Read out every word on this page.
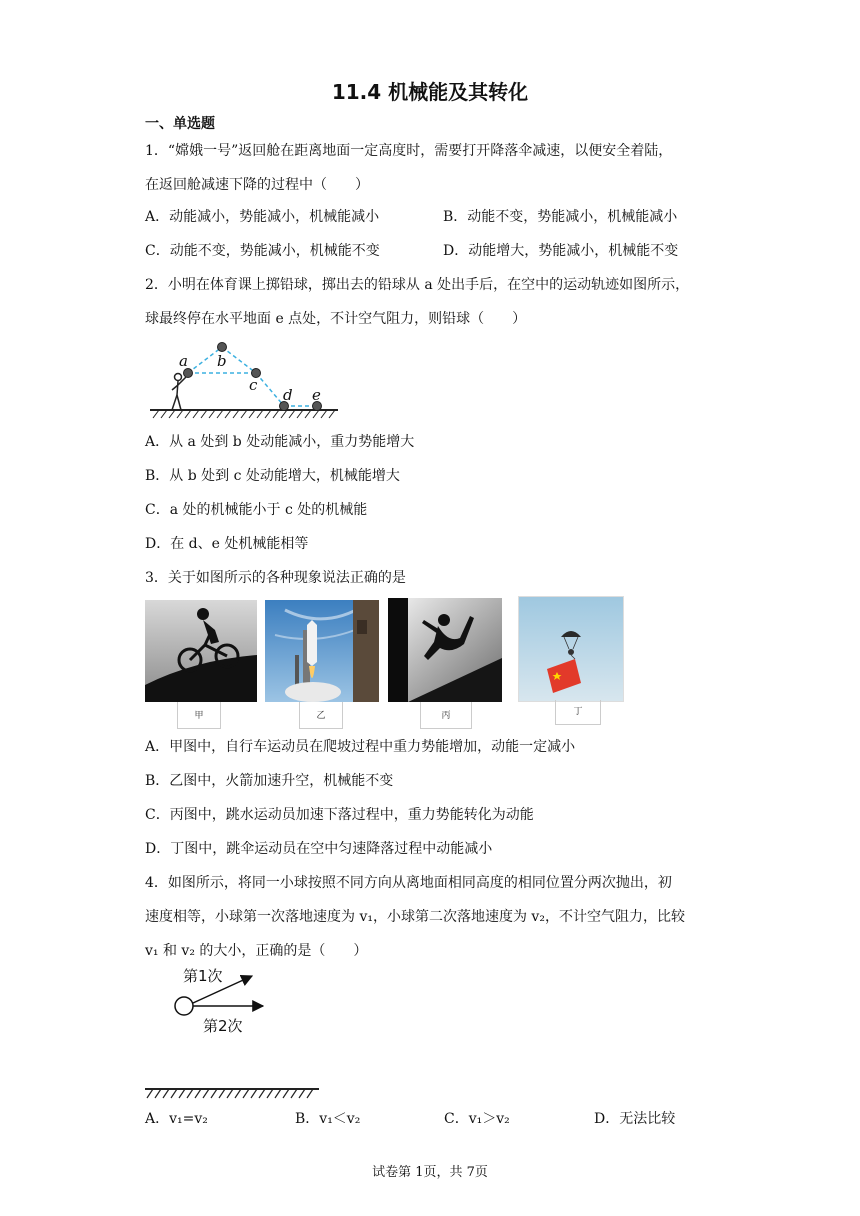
11.4 机械能及其转化
一、单选题
1．“嫦娥一号”返回舱在距离地面一定高度时，需要打开降落伞减速，以便安全着陆，
在返回舱减速下降的过程中（　　）
A．动能减小，势能减小，机械能减小	B．动能不变，势能减小，机械能减小
C．动能不变，势能减小，机械能不变	D．动能增大，势能减小，机械能不变
2．小明在体育课上掷铅球，掷出去的铅球从 a 处出手后，在空中的运动轨迹如图所示，
球最终停在水平地面 e 点处，不计空气阻力，则铅球（　　）
a b
c
d e
A．从 a 处到 b 处动能减小，重力势能增大
B．从 b 处到 c 处动能增大，机械能增大
C．a 处的机械能小于 c 处的机械能
D．在 d、e 处机械能相等
3．关于如图所示的各种现象说法正确的是
甲	乙	丙	丁
A．甲图中，自行车运动员在爬坡过程中重力势能增加，动能一定减小
B．乙图中，火箭加速升空，机械能不变
C．丙图中，跳水运动员加速下落过程中，重力势能转化为动能
D．丁图中，跳伞运动员在空中匀速降落过程中动能减小
4．如图所示，将同一小球按照不同方向从离地面相同高度的相同位置分两次抛出，初
速度相等，小球第一次落地速度为 v₁，小球第二次落地速度为 v₂，不计空气阻力，比较
v₁ 和 v₂ 的大小，正确的是（　　）
第1次
第2次
A．v₁=v₂	B．v₁＜v₂	C．v₁＞v₂	D．无法比较
试卷第 1页，共 7页
